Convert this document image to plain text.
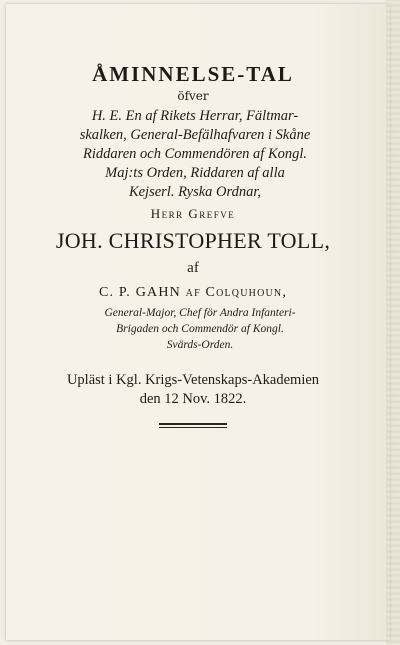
ÅMINNELSE-TAL
öfver
H. E. En af Rikets Herrar, Fältmar-
skalken, General-Befälhafvaren i Skåne
Riddaren och Commendören af Kongl.
Maj:ts Orden, Riddaren af alla
Kejserl. Ryska Ordnar,
Herr Grefve
JOH. CHRISTOPHER TOLL,
af
C. P. GAHN af Colquhoun,
General-Major, Chef för Andra Infanteri-
Brigaden och Commendör af Kongl.
Svärds-Orden.
Upläst i Kgl. Krigs-Vetenskaps-Akademien
den 12 Nov. 1822.
